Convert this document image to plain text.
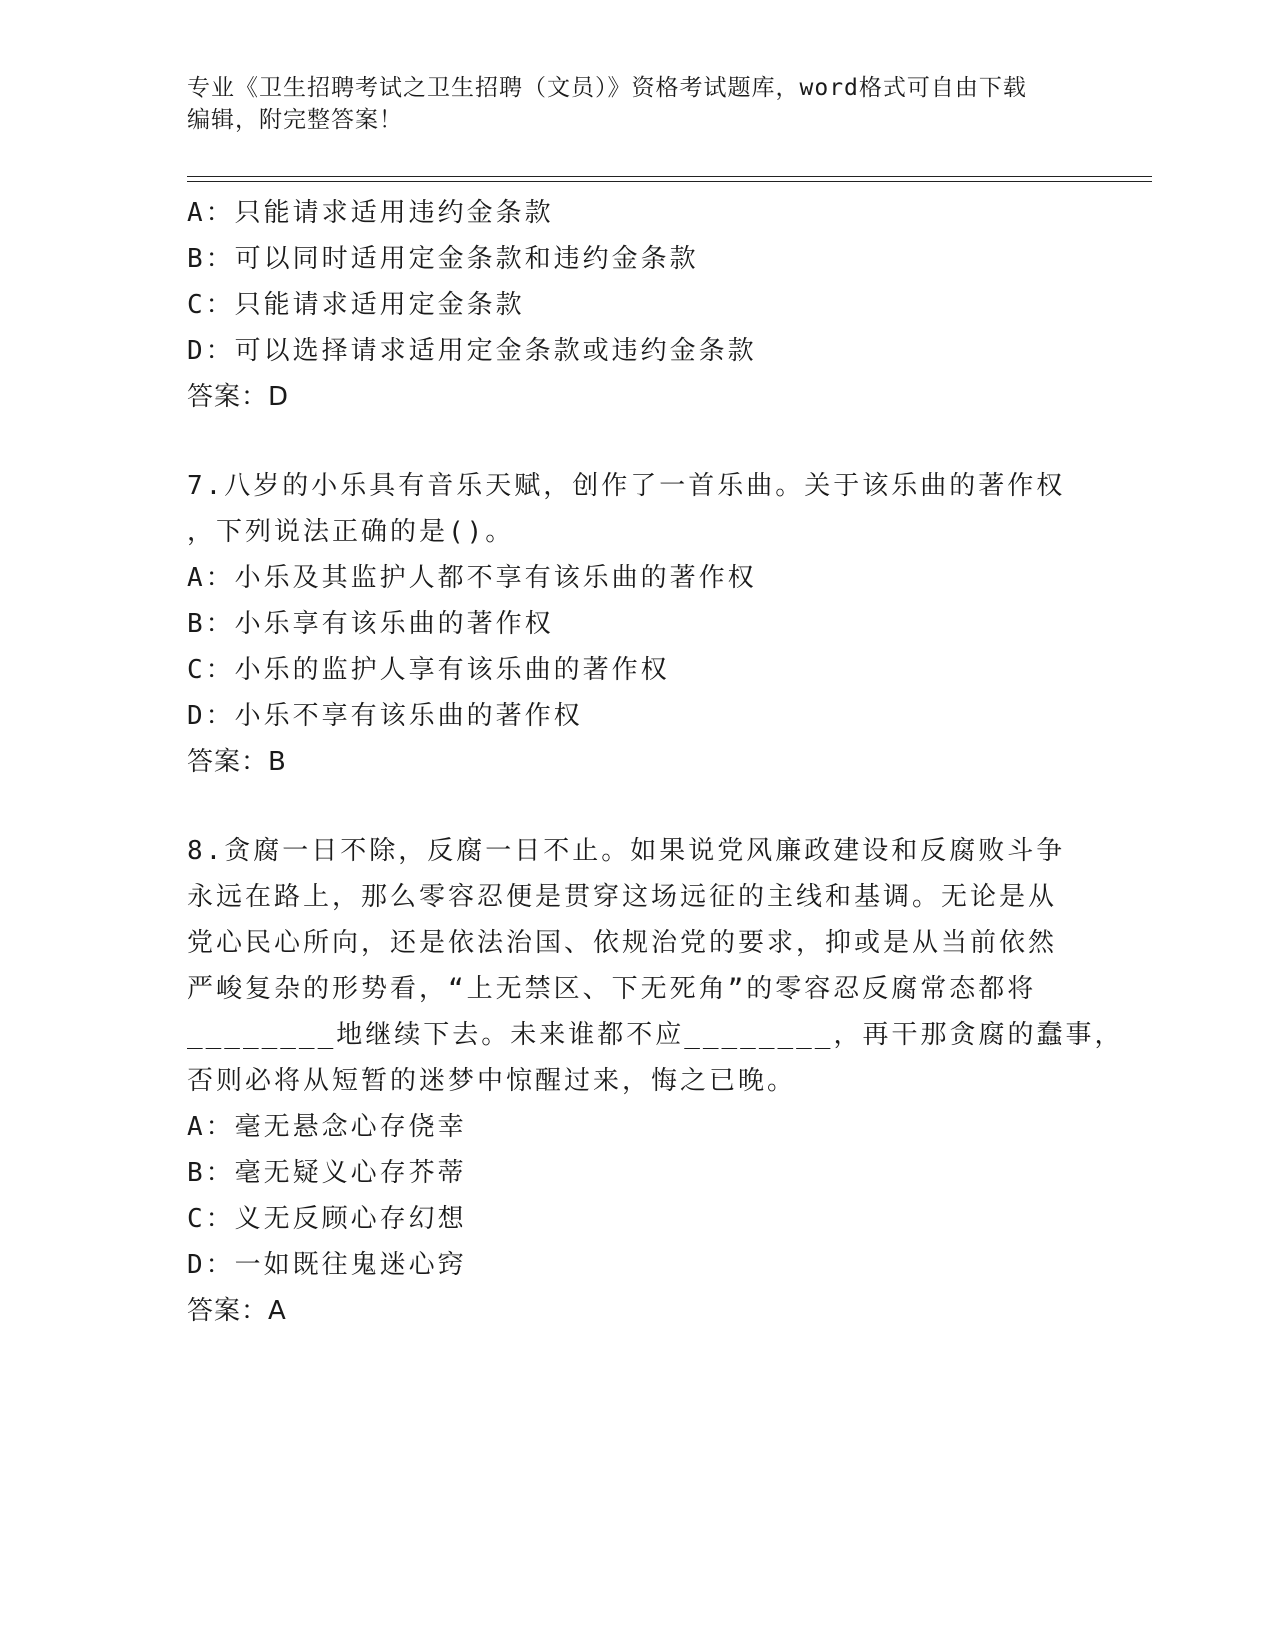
专业《卫生招聘考试之卫生招聘（文员）》资格考试题库，word格式可自由下载
编辑，附完整答案！
A：只能请求适用违约金条款
B：可以同时适用定金条款和违约金条款
C：只能请求适用定金条款
D：可以选择请求适用定金条款或违约金条款
答案：D
7.八岁的小乐具有音乐天赋，创作了一首乐曲。关于该乐曲的著作权
，下列说法正确的是()。
A：小乐及其监护人都不享有该乐曲的著作权
B：小乐享有该乐曲的著作权
C：小乐的监护人享有该乐曲的著作权
D：小乐不享有该乐曲的著作权
答案：B
8.贪腐一日不除，反腐一日不止。如果说党风廉政建设和反腐败斗争
永远在路上，那么零容忍便是贯穿这场远征的主线和基调。无论是从
党心民心所向，还是依法治国、依规治党的要求，抑或是从当前依然
严峻复杂的形势看，“上无禁区、下无死角”的零容忍反腐常态都将
________地继续下去。未来谁都不应________，再干那贪腐的蠢事，
否则必将从短暂的迷梦中惊醒过来，悔之已晚。
A：毫无悬念心存侥幸
B：毫无疑义心存芥蒂
C：义无反顾心存幻想
D：一如既往鬼迷心窍
答案：A
